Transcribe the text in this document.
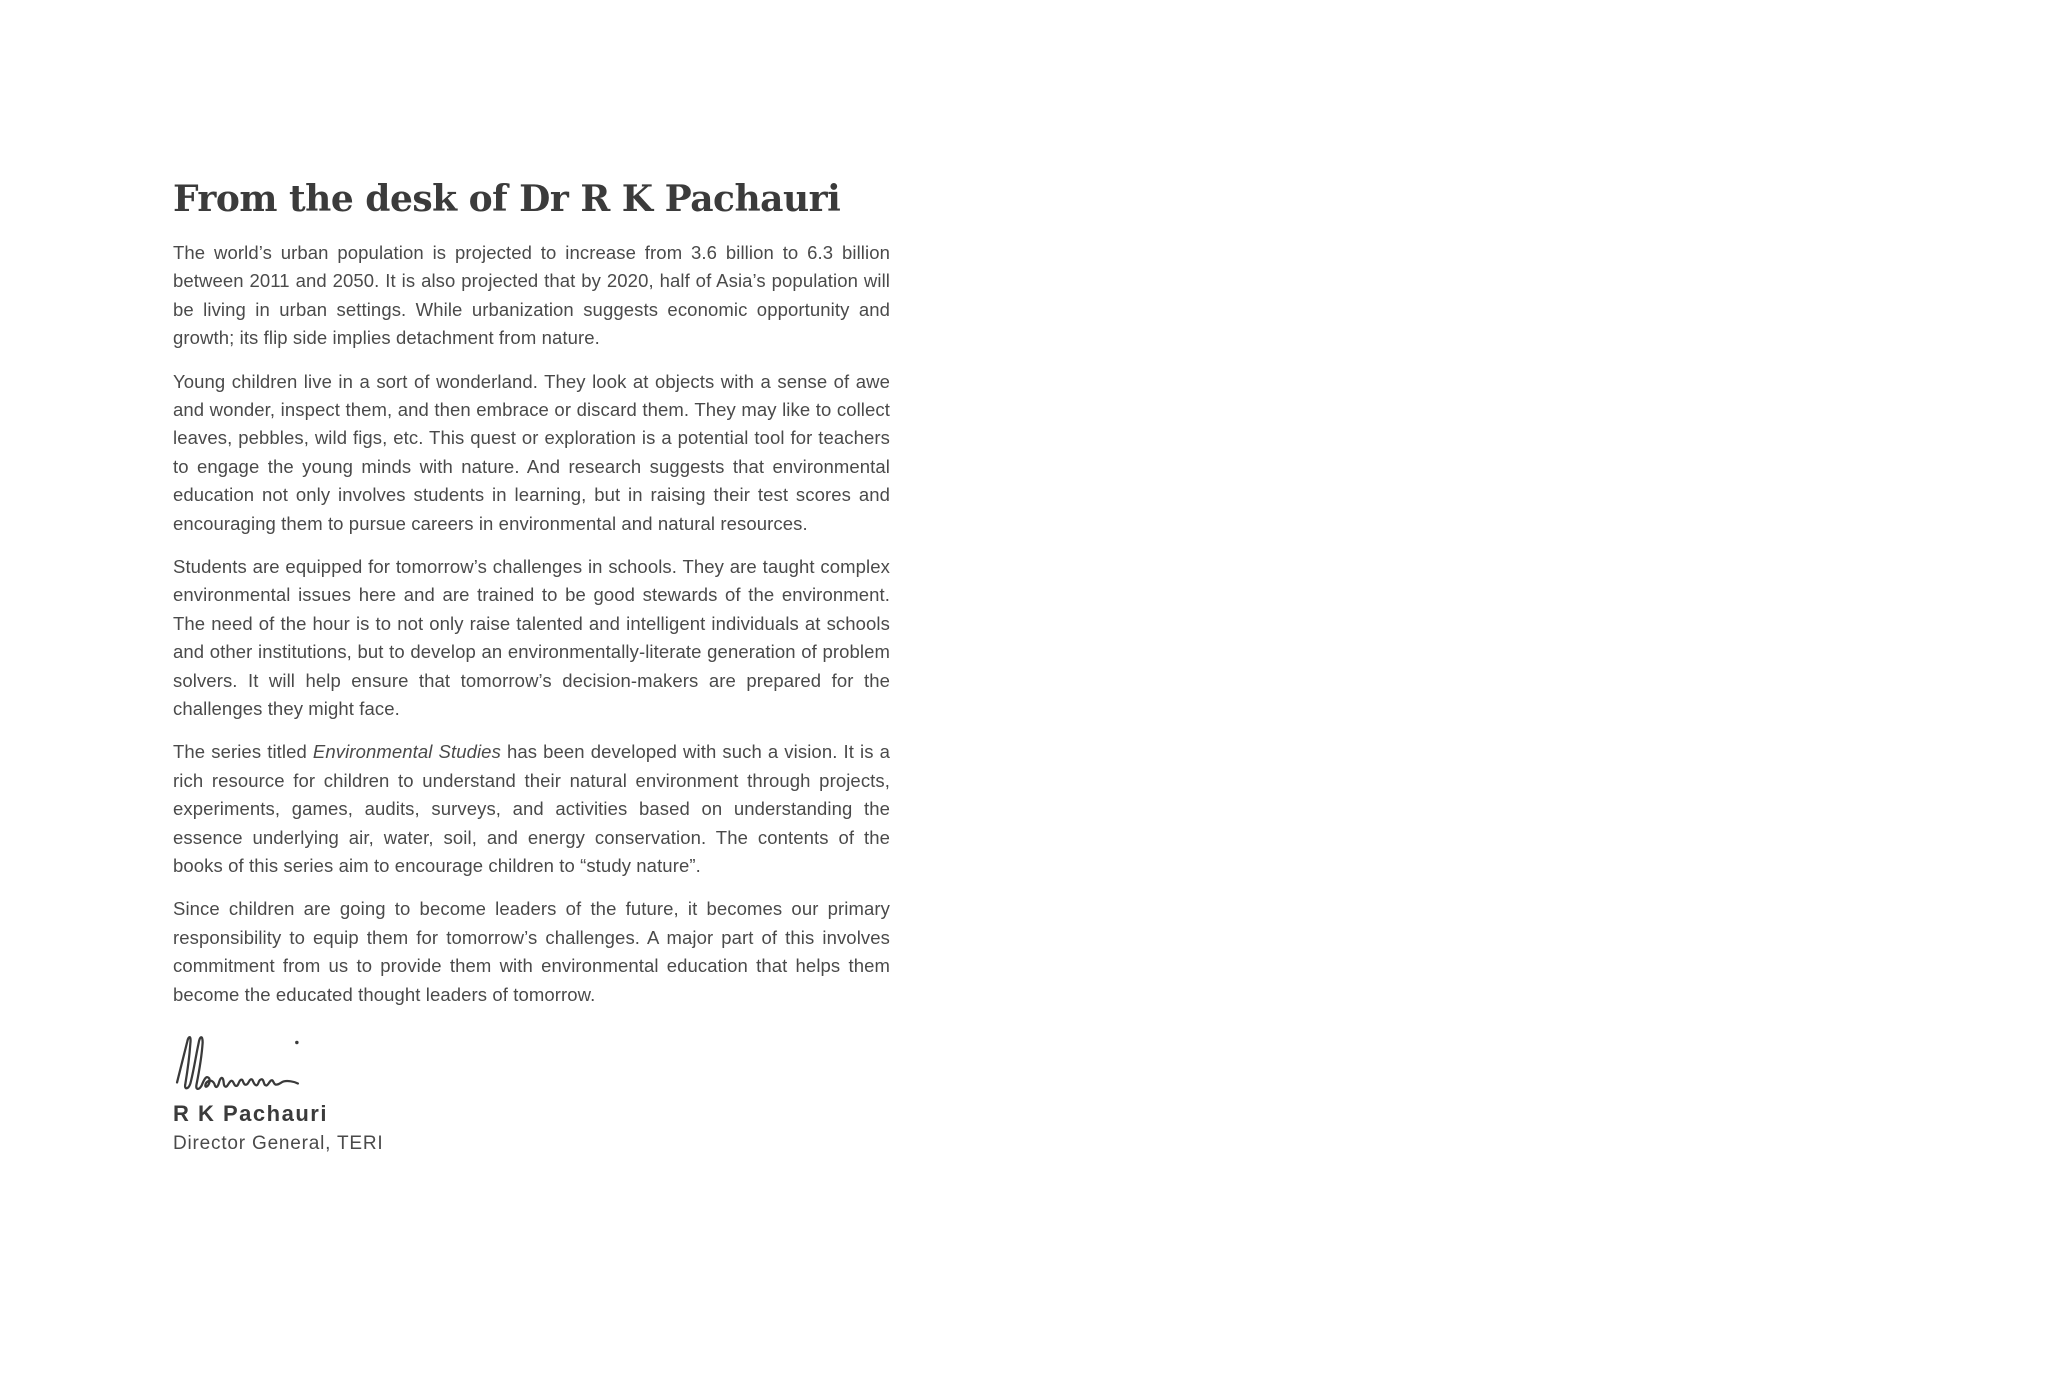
From the desk of Dr R K Pachauri

The world’s urban population is projected to increase from 3.6 billion to 6.3 billion between 2011 and 2050. It is also projected that by 2020, half of Asia’s population will be living in urban settings. While urbanization suggests economic opportunity and growth; its flip side implies detachment from nature.

Young children live in a sort of wonderland. They look at objects with a sense of awe and wonder, inspect them, and then embrace or discard them. They may like to collect leaves, pebbles, wild figs, etc. This quest or exploration is a potential tool for teachers to engage the young minds with nature. And research suggests that environmental education not only involves students in learning, but in raising their test scores and encouraging them to pursue careers in environmental and natural resources.

Students are equipped for tomorrow’s challenges in schools. They are taught complex environmental issues here and are trained to be good stewards of the environment. The need of the hour is to not only raise talented and intelligent individuals at schools and other institutions, but to develop an environmentally-literate generation of problem solvers. It will help ensure that tomorrow’s decision-makers are prepared for the challenges they might face.

The series titled Environmental Studies has been developed with such a vision. It is a rich resource for children to understand their natural environment through projects, experiments, games, audits, surveys, and activities based on understanding the essence underlying air, water, soil, and energy conservation. The contents of the books of this series aim to encourage children to “study nature”.

Since children are going to become leaders of the future, it becomes our primary responsibility to equip them for tomorrow’s challenges. A major part of this involves commitment from us to provide them with environmental education that helps them become the educated thought leaders of tomorrow.

R K Pachauri

Director General, TERI
